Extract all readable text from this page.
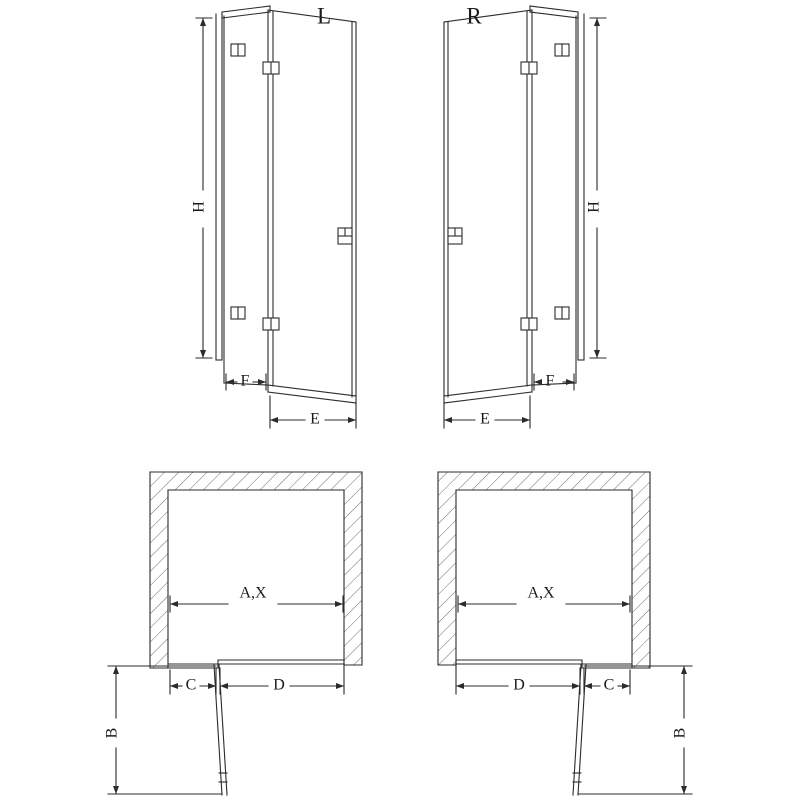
L	R
H	H
F
E
F
E
A,X	A,X
C	D	D	C
B	B
